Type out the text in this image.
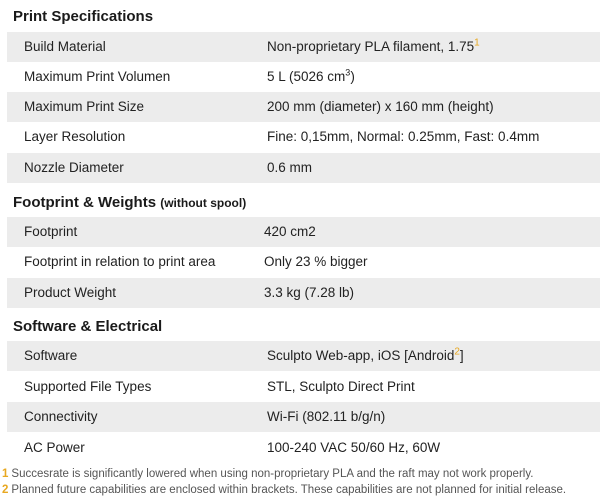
Print Specifications
Build Material	Non-proprietary PLA filament, 1.75$^1$
Maximum Print Volumen	5 L (5026 $cm^3$)
Maximum Print Size	200 mm (diameter) x 160 mm (height)
Layer Resolution	Fine: 0,15mm, Normal: 0.25mm, Fast: 0.4mm
Nozzle Diameter	0.6 mm
Footprint & Weights (without spool)
Footprint	420 cm2
Footprint in relation to print area	Only 23 % bigger
Product Weight	3.3 kg (7.28 lb)
Software & Electrical
Software	Sculpto Web-app, iOS [Android$^2$]
Supported File Types	STL, Sculpto Direct Print
Connectivity	Wi-Fi (802.11 b/g/n)
AC Power	100-240 VAC 50/60 Hz, 60W
1 Succesrate is significantly lowered when using non-proprietary PLA and the raft may not work properly.
2 Planned future capabilities are enclosed within brackets. These capabilities are not planned for initial release.
